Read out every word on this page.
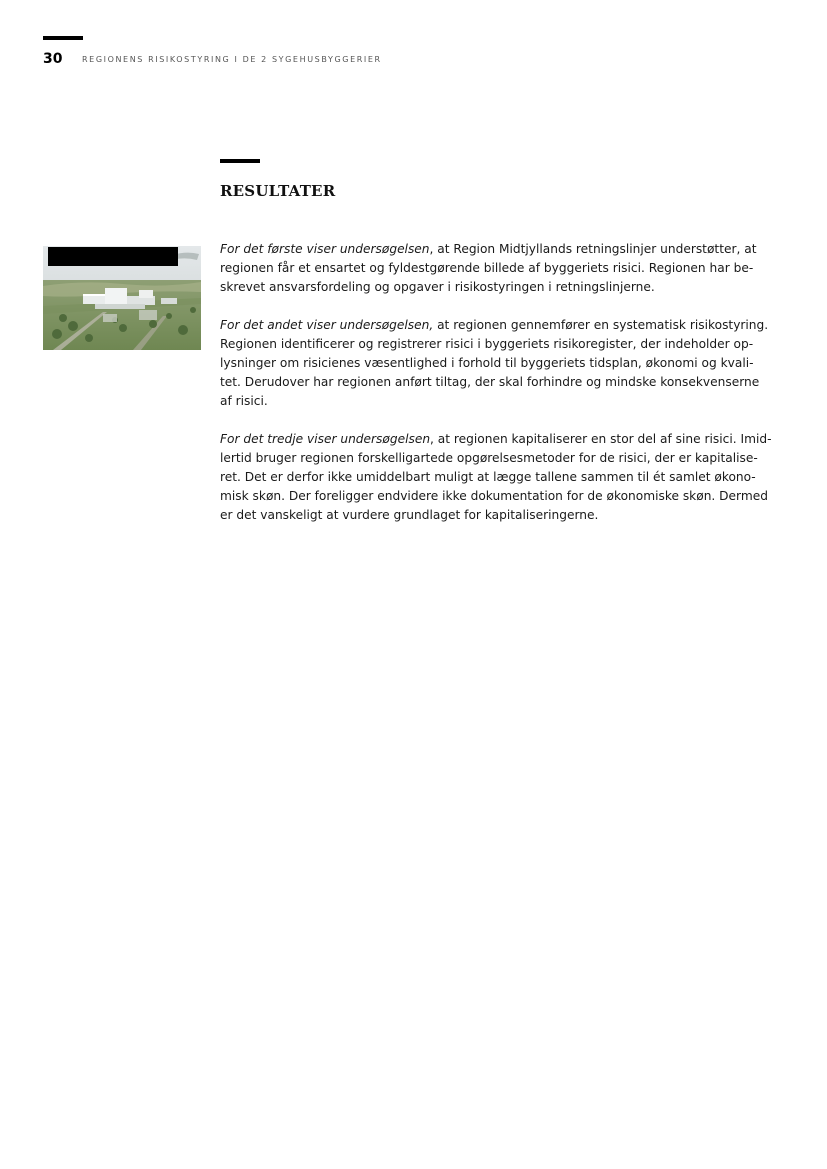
30 REGIONENS RISIKOSTYRING I DE 2 SYGEHUSBYGGERIER
RESULTATER

For det første viser undersøgelsen, at Region Midtjyllands retningslinjer understøtter, at
regionen får et ensartet og fyldestgørende billede af byggeriets risici. Regionen har be-
skrevet ansvarsfordeling og opgaver i risikostyringen i retningslinjerne.

For det andet viser undersøgelsen, at regionen gennemfører en systematisk risikostyring.
Regionen identificerer og registrerer risici i byggeriets risikoregister, der indeholder op-
lysninger om risicienes væsentlighed i forhold til byggeriets tidsplan, økonomi og kvali-
tet. Derudover har regionen anført tiltag, der skal forhindre og mindske konsekvenserne
af risici.

For det tredje viser undersøgelsen, at regionen kapitaliserer en stor del af sine risici. Imid-
lertid bruger regionen forskelligartede opgørelsesmetoder for de risici, der er kapitalise-
ret. Det er derfor ikke umiddelbart muligt at lægge tallene sammen til ét samlet økono-
misk skøn. Der foreligger endvidere ikke dokumentation for de økonomiske skøn. Dermed
er det vanskeligt at vurdere grundlaget for kapitaliseringerne.
